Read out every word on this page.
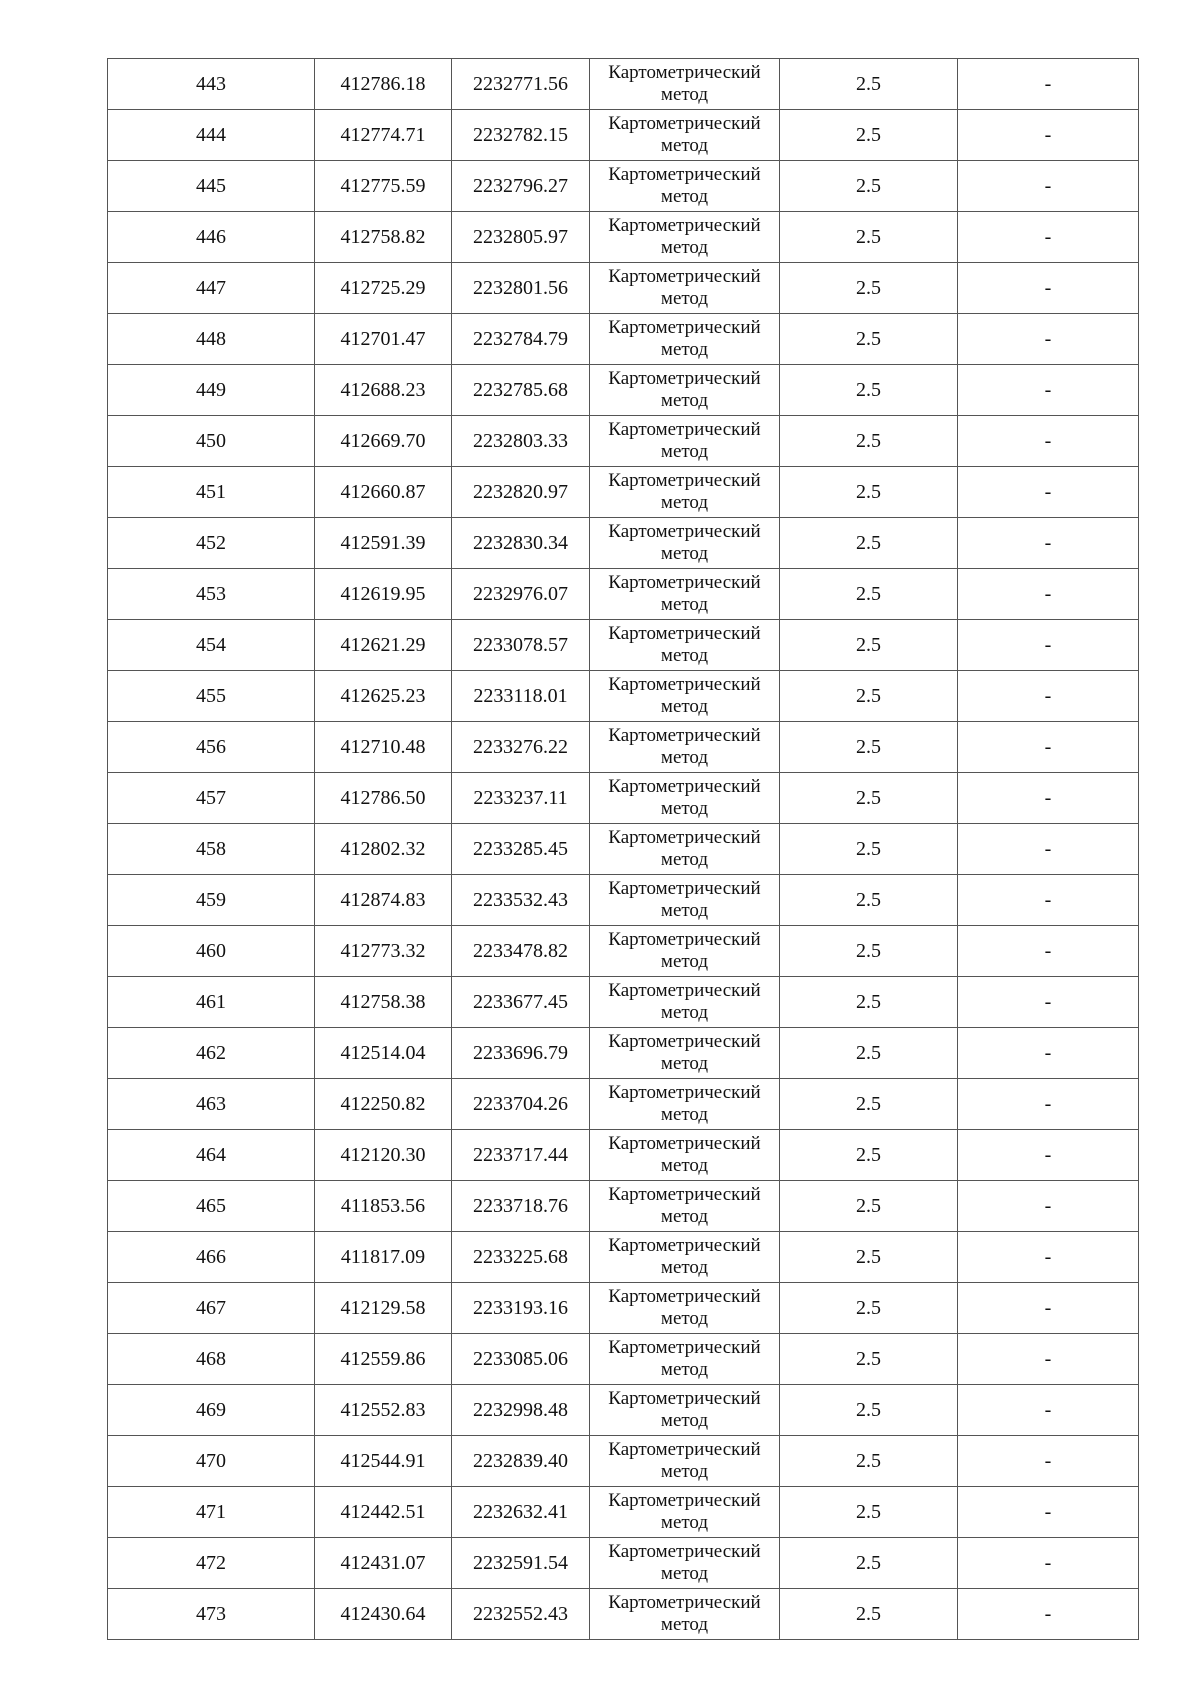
443	412786.18	2232771.56	Картометрический метод	2.5	-
444	412774.71	2232782.15	Картометрический метод	2.5	-
445	412775.59	2232796.27	Картометрический метод	2.5	-
446	412758.82	2232805.97	Картометрический метод	2.5	-
447	412725.29	2232801.56	Картометрический метод	2.5	-
448	412701.47	2232784.79	Картометрический метод	2.5	-
449	412688.23	2232785.68	Картометрический метод	2.5	-
450	412669.70	2232803.33	Картометрический метод	2.5	-
451	412660.87	2232820.97	Картометрический метод	2.5	-
452	412591.39	2232830.34	Картометрический метод	2.5	-
453	412619.95	2232976.07	Картометрический метод	2.5	-
454	412621.29	2233078.57	Картометрический метод	2.5	-
455	412625.23	2233118.01	Картометрический метод	2.5	-
456	412710.48	2233276.22	Картометрический метод	2.5	-
457	412786.50	2233237.11	Картометрический метод	2.5	-
458	412802.32	2233285.45	Картометрический метод	2.5	-
459	412874.83	2233532.43	Картометрический метод	2.5	-
460	412773.32	2233478.82	Картометрический метод	2.5	-
461	412758.38	2233677.45	Картометрический метод	2.5	-
462	412514.04	2233696.79	Картометрический метод	2.5	-
463	412250.82	2233704.26	Картометрический метод	2.5	-
464	412120.30	2233717.44	Картометрический метод	2.5	-
465	411853.56	2233718.76	Картометрический метод	2.5	-
466	411817.09	2233225.68	Картометрический метод	2.5	-
467	412129.58	2233193.16	Картометрический метод	2.5	-
468	412559.86	2233085.06	Картометрический метод	2.5	-
469	412552.83	2232998.48	Картометрический метод	2.5	-
470	412544.91	2232839.40	Картометрический метод	2.5	-
471	412442.51	2232632.41	Картометрический метод	2.5	-
472	412431.07	2232591.54	Картометрический метод	2.5	-
473	412430.64	2232552.43	Картометрический метод	2.5	-
